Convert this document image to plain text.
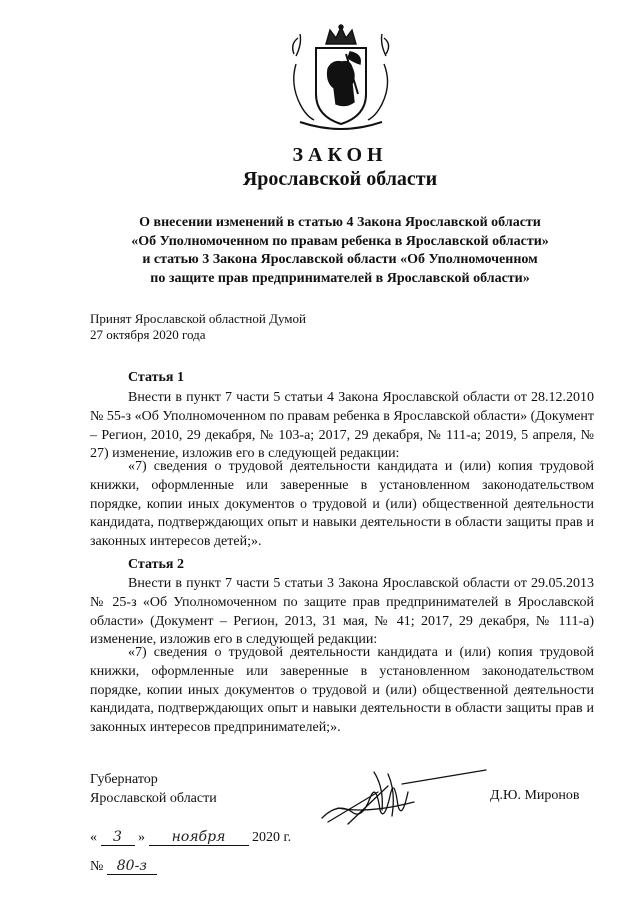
ЗАКОН
Ярославской области
О внесении изменений в статью 4 Закона Ярославской области
«Об Уполномоченном по правам ребенка в Ярославской области»
и статью 3 Закона Ярославской области «Об Уполномоченном
по защите прав предпринимателей в Ярославской области»
Принят Ярославской областной Думой
27 октября 2020 года
Статья 1
Внести в пункт 7 части 5 статьи 4 Закона Ярославской области от 28.12.2010 № 55-з «Об Уполномоченном по правам ребенка в Ярославской области» (Документ – Регион, 2010, 29 декабря, № 103-а; 2017, 29 декабря, № 111-а; 2019, 5 апреля, № 27) изменение, изложив его в следующей редакции:
«7) сведения о трудовой деятельности кандидата и (или) копия трудовой книжки, оформленные или заверенные в установленном законодательством порядке, копии иных документов о трудовой и (или) общественной деятельности кандидата, подтверждающих опыт и навыки деятельности в области защиты прав и законных интересов детей;».
Статья 2
Внести в пункт 7 части 5 статьи 3 Закона Ярославской области от 29.05.2013 № 25-з «Об Уполномоченном по защите прав предпринимателей в Ярославской области» (Документ – Регион, 2013, 31 мая, № 41; 2017, 29 декабря, № 111-а) изменение, изложив его в следующей редакции:
«7) сведения о трудовой деятельности кандидата и (или) копия трудовой книжки, оформленные или заверенные в установленном законодательством порядке, копии иных документов о трудовой и (или) общественной деятельности кандидата, подтверждающих опыт и навыки деятельности в области защиты прав и законных интересов предпринимателей;».
Губернатор
Ярославской области	Д.Ю. Миронов
« 3 » ноября 2020 г.
№ 80-з
